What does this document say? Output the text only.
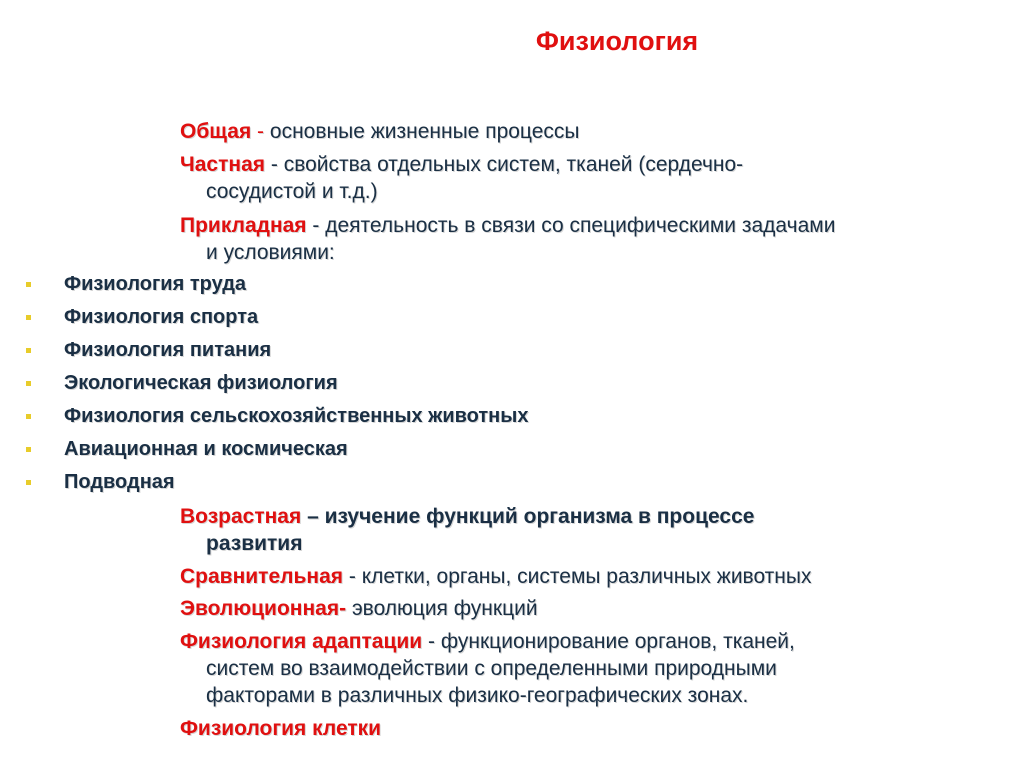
Физиология
Общая - основные жизненные процессы
Частная - свойства отдельных систем, тканей (сердечно-
сосудистой и т.д.)
Прикладная - деятельность в связи со специфическими задачами
и условиями:
Физиология труда
Физиология спорта
Физиология питания
Экологическая физиология
Физиология сельскохозяйственных животных
Авиационная и космическая
Подводная
Возрастная – изучение функций организма в процессе
развития
Сравнительная - клетки, органы, системы различных животных
Эволюционная- эволюция функций
Физиология адаптации - функционирование органов, тканей,
систем во взаимодействии с определенными природными
факторами в различных физико-географических зонах.
Физиология клетки
